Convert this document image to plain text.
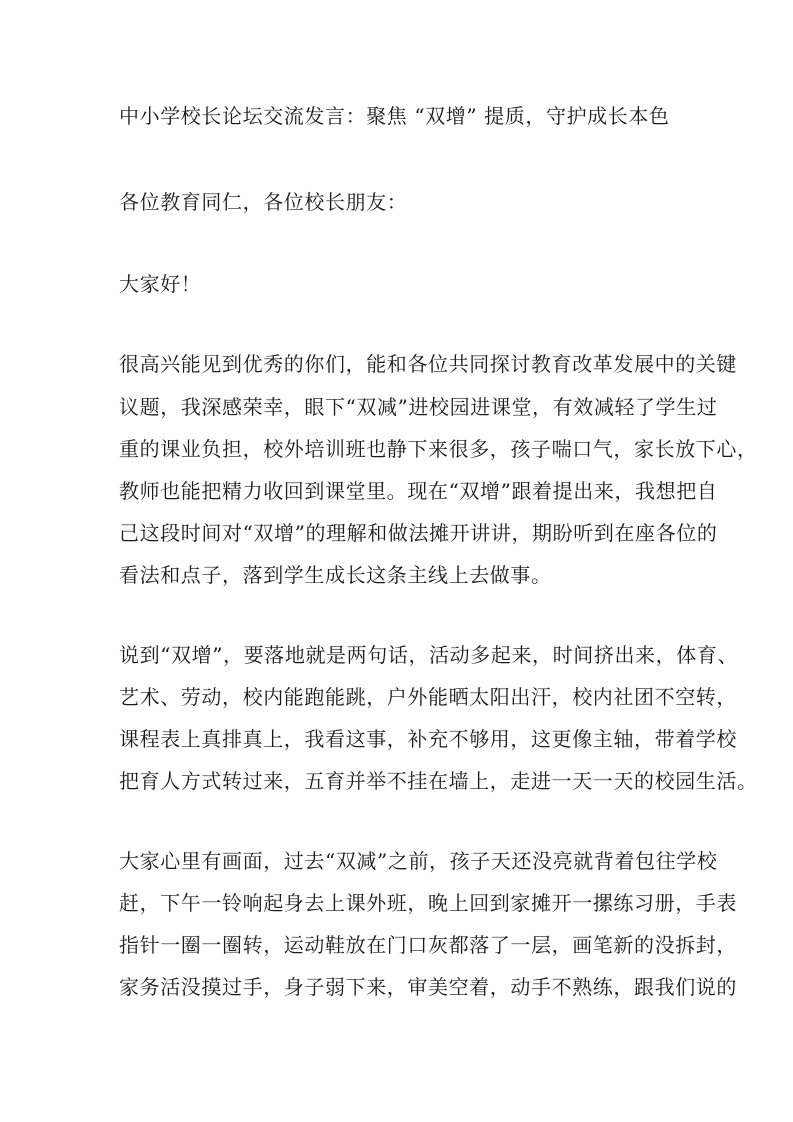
中小学校长论坛交流发言：聚焦 “双增” 提质，守护成长本色
各位教育同仁，各位校长朋友：
大家好！
很高兴能见到优秀的你们，能和各位共同探讨教育改革发展中的关键
议题，我深感荣幸，眼下“双减”进校园进课堂，有效减轻了学生过
重的课业负担，校外培训班也静下来很多，孩子喘口气，家长放下心，
教师也能把精力收回到课堂里。现在“双增”跟着提出来，我想把自
己这段时间对“双增”的理解和做法摊开讲讲，期盼听到在座各位的
看法和点子，落到学生成长这条主线上去做事。
说到“双增”，要落地就是两句话，活动多起来，时间挤出来，体育、
艺术、劳动，校内能跑能跳，户外能晒太阳出汗，校内社团不空转，
课程表上真排真上，我看这事，补充不够用，这更像主轴，带着学校
把育人方式转过来，五育并举不挂在墙上，走进一天一天的校园生活。
大家心里有画面，过去“双减”之前，孩子天还没亮就背着包往学校
赶，下午一铃响起身去上课外班，晚上回到家摊开一摞练习册，手表
指针一圈一圈转，运动鞋放在门口灰都落了一层，画笔新的没拆封，
家务活没摸过手，身子弱下来，审美空着，动手不熟练，跟我们说的
